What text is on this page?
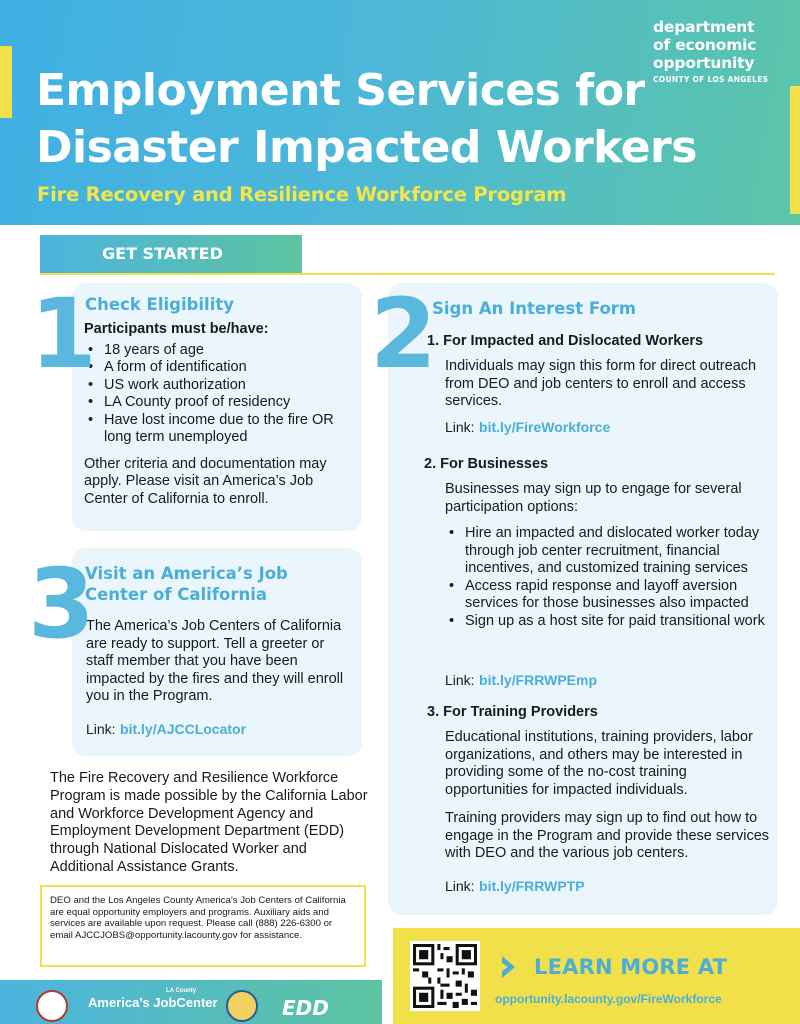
Employment Services for
Disaster Impacted Workers
Fire Recovery and Resilience Workforce Program
department
of economic
opportunity
COUNTY OF LOS ANGELES
GET STARTED
Check Eligibility
Participants must be/have:
• 18 years of age
• A form of identification
• US work authorization
• LA County proof of residency
• Have lost income due to the fire OR long term unemployed
Other criteria and documentation may apply. Please visit an America’s Job Center of California to enroll.
1
Visit an America’s Job Center of California
The America’s Job Centers of California are ready to support. Tell a greeter or staff member that you have been impacted by the fires and they will enroll you in the Program.
Link: bit.ly/AJCCLocator
3
Sign An Interest Form
1. For Impacted and Dislocated Workers
Individuals may sign this form for direct outreach from DEO and job centers to enroll and access services.
Link: bit.ly/FireWorkforce
2. For Businesses
Businesses may sign up to engage for several participation options:
• Hire an impacted and dislocated worker today through job center recruitment, financial incentives, and customized training services
• Access rapid response and layoff aversion services for those businesses also impacted
• Sign up as a host site for paid transitional work
Link: bit.ly/FRRWPEmp
3. For Training Providers
Educational institutions, training providers, labor organizations, and others may be interested in providing some of the no-cost training opportunities for impacted individuals.
Training providers may sign up to find out how to engage in the Program and provide these services with DEO and the various job centers.
Link: bit.ly/FRRWPTP
2
The Fire Recovery and Resilience Workforce Program is made possible by the California Labor and Workforce Development Agency and Employment Development Department (EDD) through National Dislocated Worker and Additional Assistance Grants.
DEO and the Los Angeles County America’s Job Centers of California are equal opportunity employers and programs. Auxiliary aids and services are available upon request. Please call (888) 226-6300 or email AJCCJOBS@opportunity.lacounty.gov for assistance.
LA County
America’s JobCenter	EDD
LEARN MORE AT
opportunity.lacounty.gov/FireWorkforce
